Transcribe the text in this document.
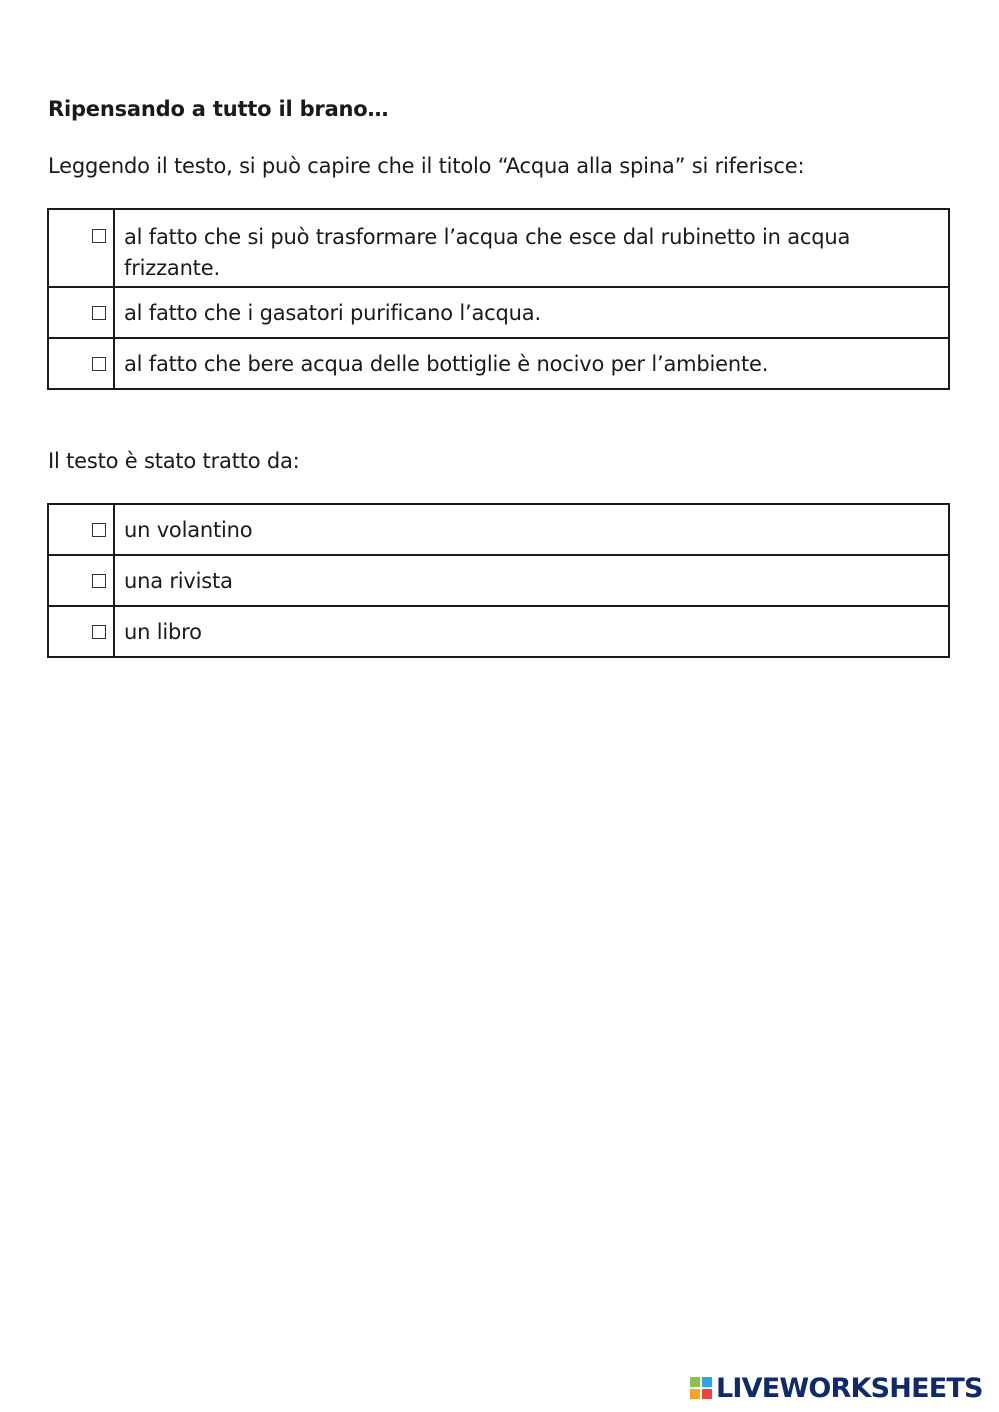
Ripensando a tutto il brano…
Leggendo il testo, si può capire che il titolo “Acqua alla spina” si riferisce:
	al fatto che si può trasformare l’acqua che esce dal rubinetto in acqua frizzante.

	al fatto che i gasatori purificano l’acqua.

	al fatto che bere acqua delle bottiglie è nocivo per l’ambiente.
Il testo è stato tratto da:
	un volantino

	una rivista

	un libro
LIVEWORKSHEETS
